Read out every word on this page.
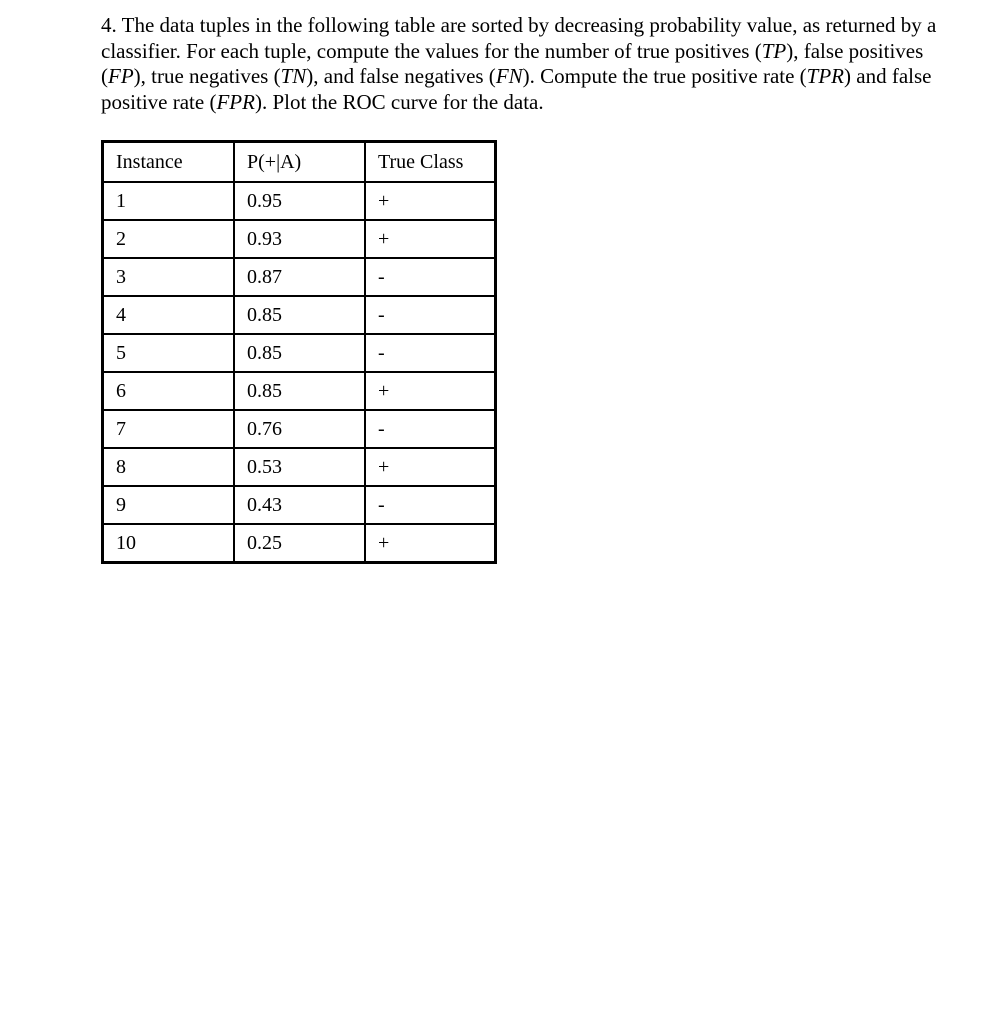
4. The data tuples in the following table are sorted by decreasing probability value, as returned by a classifier. For each tuple, compute the values for the number of true positives (TP), false positives (FP), true negatives (TN), and false negatives (FN). Compute the true positive rate (TPR) and false positive rate (FPR). Plot the ROC curve for the data.

Instance	P(+|A)	True Class
1	0.95	+
2	0.93	+
3	0.87	-
4	0.85	-
5	0.85	-
6	0.85	+
7	0.76	-
8	0.53	+
9	0.43	-
10	0.25	+
